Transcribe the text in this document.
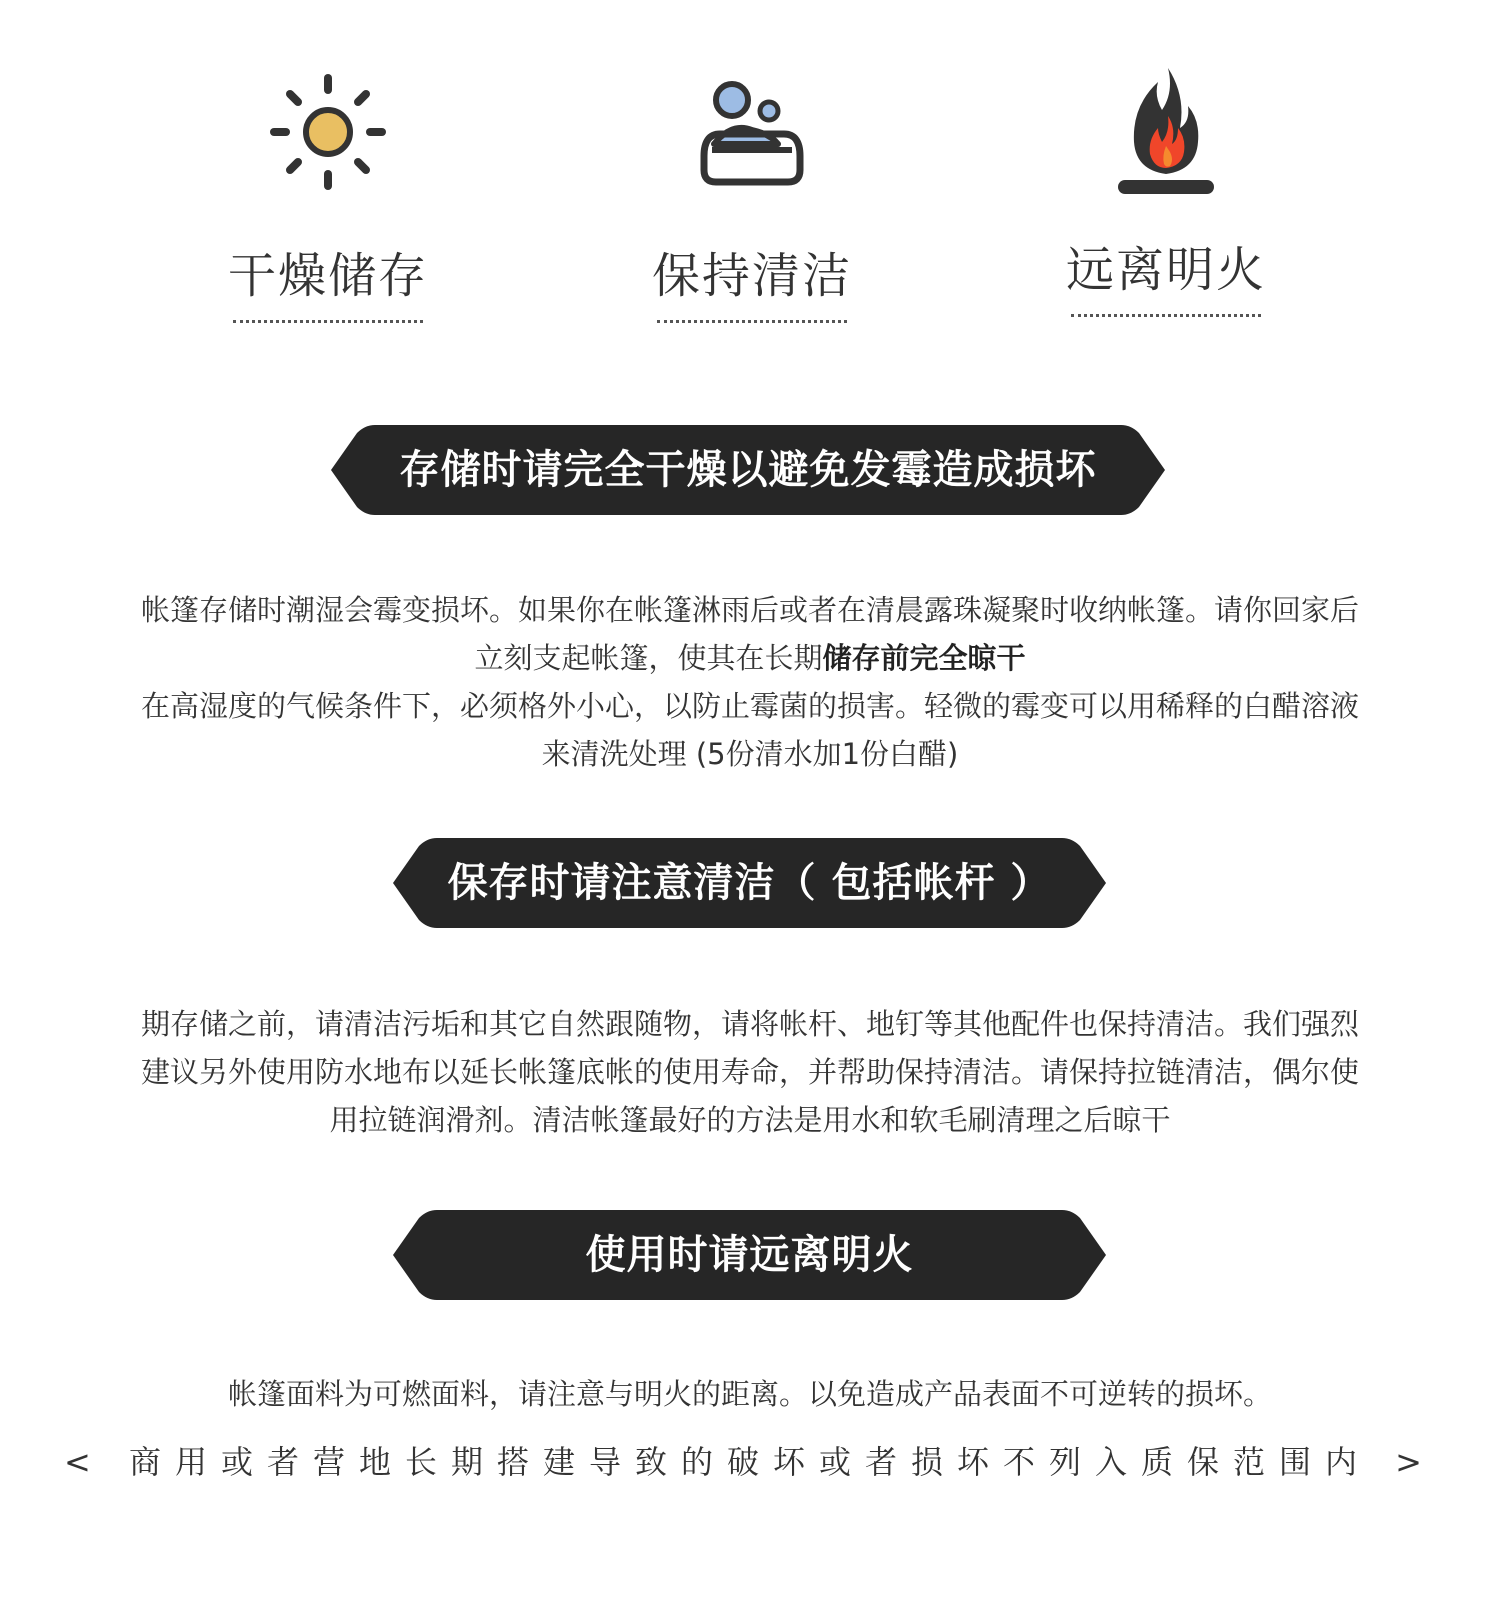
干燥储存	保持清洁	远离明火
存储时请完全干燥以避免发霉造成损坏
帐篷存储时潮湿会霉变损坏。如果你在帐篷淋雨后或者在清晨露珠凝聚时收纳帐篷。请你回家后
立刻支起帐篷，使其在长期储存前完全晾干
在高湿度的气候条件下，必须格外小心，以防止霉菌的损害。轻微的霉变可以用稀释的白醋溶液
来清洗处理 (5份清水加1份白醋)
保存时请注意清洁（ 包括帐杆 ）
期存储之前，请清洁污垢和其它自然跟随物，请将帐杆、地钉等其他配件也保持清洁。我们强烈
建议另外使用防水地布以延长帐篷底帐的使用寿命，并帮助保持清洁。请保持拉链清洁，偶尔使
用拉链润滑剂。清洁帐篷最好的方法是用水和软毛刷清理之后晾干
使用时请远离明火
帐篷面料为可燃面料，请注意与明火的距离。以免造成产品表面不可逆转的损坏。
< 商用或者营地长期搭建导致的破坏或者损坏不列入质保范围内 >
